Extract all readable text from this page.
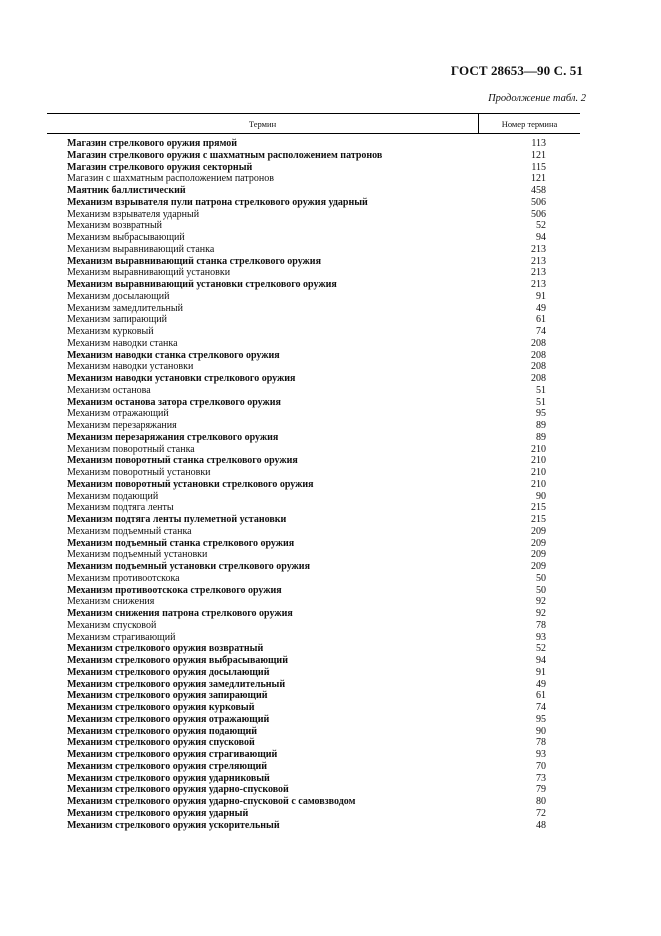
ГОСТ 28653—90 С. 51
Продолжение табл. 2
Термин	Номер термина
Магазин стрелкового оружия прямой	113
Магазин стрелкового оружия с шахматным расположением патронов	121
Магазин стрелкового оружия секторный	115
Магазин с шахматным расположением патронов	121
Маятник баллистический	458
Механизм взрывателя пули патрона стрелкового оружия ударный	506
Механизм взрывателя ударный	506
Механизм возвратный	52
Механизм выбрасывающий	94
Механизм выравнивающий станка	213
Механизм выравнивающий станка стрелкового оружия	213
Механизм выравнивающий установки	213
Механизм выравнивающий установки стрелкового оружия	213
Механизм досылающий	91
Механизм замедлительный	49
Механизм запирающий	61
Механизм курковый	74
Механизм наводки станка	208
Механизм наводки станка стрелкового оружия	208
Механизм наводки установки	208
Механизм наводки установки стрелкового оружия	208
Механизм останова	51
Механизм останова затора стрелкового оружия	51
Механизм отражающий	95
Механизм перезаряжания	89
Механизм перезаряжания стрелкового оружия	89
Механизм поворотный станка	210
Механизм поворотный станка стрелкового оружия	210
Механизм поворотный установки	210
Механизм поворотный установки стрелкового оружия	210
Механизм подающий	90
Механизм подтяга ленты	215
Механизм подтяга ленты пулеметной установки	215
Механизм подъемный станка	209
Механизм подъемный станка стрелкового оружия	209
Механизм подъемный установки	209
Механизм подъемный установки стрелкового оружия	209
Механизм противоотскока	50
Механизм противоотскока стрелкового оружия	50
Механизм снижения	92
Механизм снижения патрона стрелкового оружия	92
Механизм спусковой	78
Механизм страгивающий	93
Механизм стрелкового оружия возвратный	52
Механизм стрелкового оружия выбрасывающий	94
Механизм стрелкового оружия досылающий	91
Механизм стрелкового оружия замедлительный	49
Механизм стрелкового оружия запирающий	61
Механизм стрелкового оружия курковый	74
Механизм стрелкового оружия отражающий	95
Механизм стрелкового оружия подающий	90
Механизм стрелкового оружия спусковой	78
Механизм стрелкового оружия страгивающий	93
Механизм стрелкового оружия стреляющий	70
Механизм стрелкового оружия ударниковый	73
Механизм стрелкового оружия ударно-спусковой	79
Механизм стрелкового оружия ударно-спусковой с самовзводом	80
Механизм стрелкового оружия ударный	72
Механизм стрелкового оружия ускорительный	48
